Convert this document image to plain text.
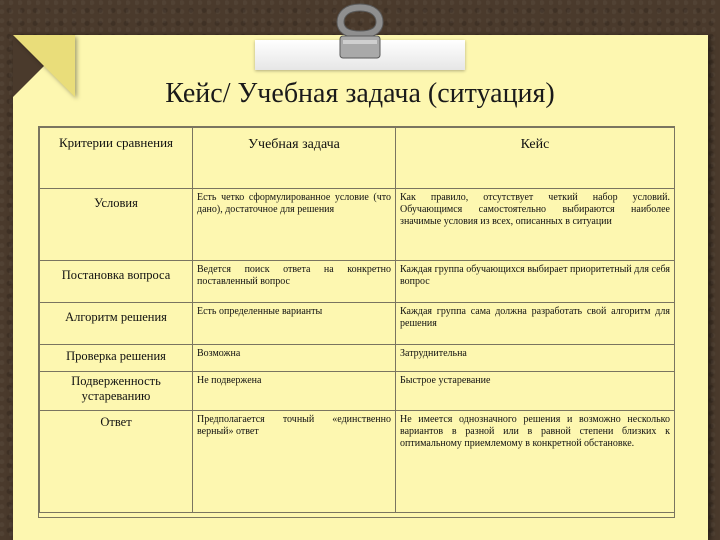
Кейс/ Учебная задача (ситуация)
Критерии сравнения	Учебная задача	Кейс
Условия	Есть четко сформулированное условие (что дано), достаточное для решения	Как правило, отсутствует четкий набор условий. Обучающимся самостоятельно выбираются наиболее значимые условия из всех, описанных в ситуации
Постановка вопроса	Ведется поиск ответа на конкретно поставленный вопрос	Каждая группа обучающихся выбирает приоритетный для себя вопрос
Алгоритм решения	Есть определенные варианты	Каждая группа сама должна разработать свой алгоритм для решения
Проверка решения	Возможна	Затруднительна
Подверженность устареванию	Не подвержена	Быстрое устаревание
Ответ	Предполагается точный «единственно верный» ответ	Не имеется однозначного решения и возможно несколько вариантов в разной или в равной степени близких к оптимальному приемлемому в конкретной обстановке.
